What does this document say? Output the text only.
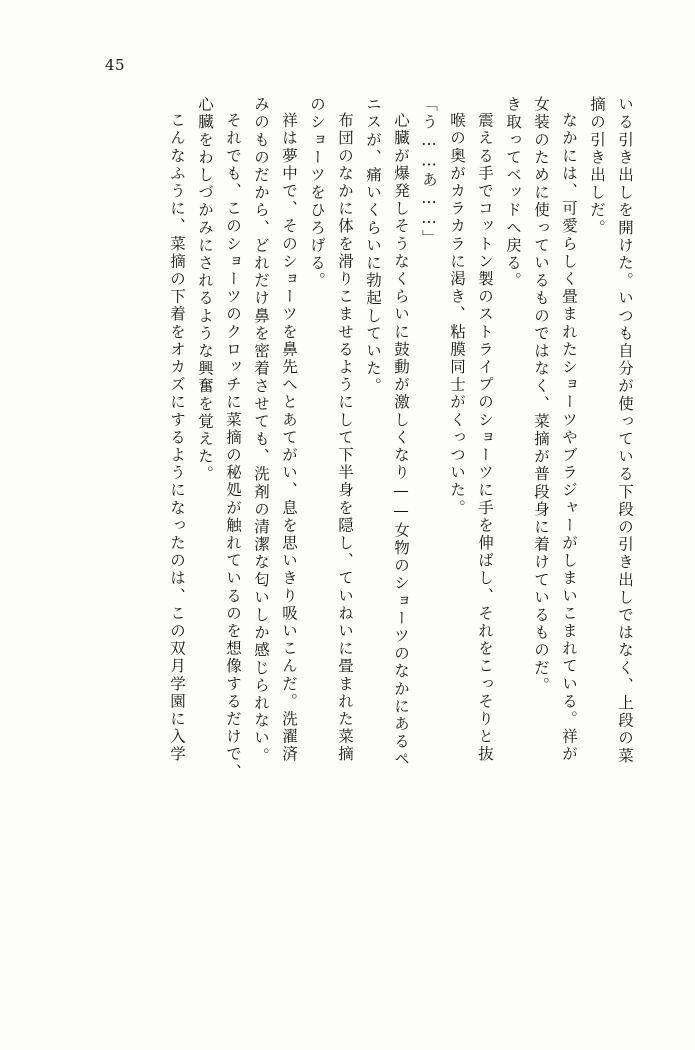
45
いる引き出しを開けた。いつも自分が使っている下段の引き出しではなく、上段の菜
摘の引き出しだ。
なかには、可愛らしく畳まれたショーツやブラジャーがしまいこまれている。祥が
女装のために使っているものではなく、菜摘が普段身に着けているものだ。
き取ってベッドへ戻る。
震える手でコットン製のストライプのショーツに手を伸ばし、それをこっそりと抜
喉の奥がカラカラに渇き、粘膜同士がくっついた。
「う……あ……」
心臓が爆発しそうなくらいに鼓動が激しくなり——女物のショーツのなかにあるペ
ニスが、痛いくらいに勃起していた。
布団のなかに体を滑りこませるようにして下半身を隠し、ていねいに畳まれた菜摘
のショーツをひろげる。
祥は夢中で、そのショーツを鼻先へとあてがい、息を思いきり吸いこんだ。洗濯済
みのものだから、どれだけ鼻を密着させても、洗剤の清潔な匂いしか感じられない。
それでも、このショーツのクロッチに菜摘の秘処が触れているのを想像するだけで、
心臓をわしづかみにされるような興奮を覚えた。
こんなふうに、菜摘の下着をオカズにするようになったのは、この双月学園に入学
